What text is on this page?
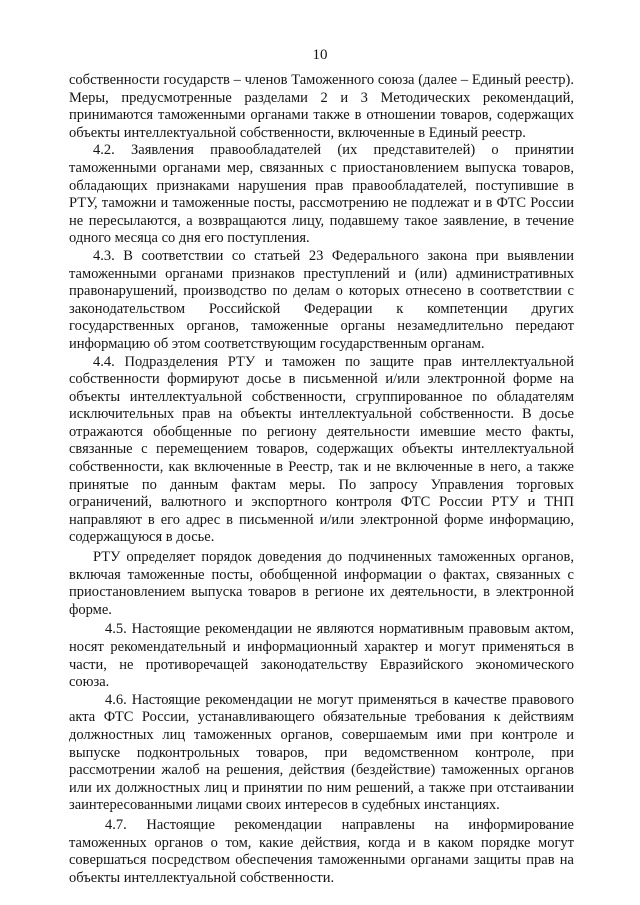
10

собственности государств – членов Таможенного союза (далее – Единый реестр). Меры, предусмотренные разделами 2 и 3 Методических рекомендаций, принимаются таможенными органами также в отношении товаров, содержащих объекты интеллектуальной собственности, включенные в Единый реестр.

4.2. Заявления правообладателей (их представителей) о принятии таможенными органами мер, связанных с приостановлением выпуска товаров, обладающих признаками нарушения прав правообладателей, поступившие в РТУ, таможни и таможенные посты, рассмотрению не подлежат и в ФТС России не пересылаются, а возвращаются лицу, подавшему такое заявление, в течение одного месяца со дня его поступления.

4.3. В соответствии со статьей 23 Федерального закона при выявлении таможенными органами признаков преступлений и (или) административных правонарушений, производство по делам о которых отнесено в соответствии с законодательством Российской Федерации к компетенции других государственных органов, таможенные органы незамедлительно передают информацию об этом соответствующим государственным органам.

4.4. Подразделения РТУ и таможен по защите прав интеллектуальной собственности формируют досье в письменной и/или электронной форме на объекты интеллектуальной собственности, сгруппированное по обладателям исключительных прав на объекты интеллектуальной собственности. В досье отражаются обобщенные по региону деятельности имевшие место факты, связанные с перемещением товаров, содержащих объекты интеллектуальной собственности, как включенные в Реестр, так и не включенные в него, а также принятые по данным фактам меры. По запросу Управления торговых ограничений, валютного и экспортного контроля ФТС России РТУ и ТНП направляют в его адрес в письменной и/или электронной форме информацию, содержащуюся в досье.

РТУ определяет порядок доведения до подчиненных таможенных органов, включая таможенные посты, обобщенной информации о фактах, связанных с приостановлением выпуска товаров в регионе их деятельности, в электронной форме.

4.5. Настоящие рекомендации не являются нормативным правовым актом, носят рекомендательный и информационный характер и могут применяться в части, не противоречащей законодательству Евразийского экономического союза.

4.6. Настоящие рекомендации не могут применяться в качестве правового акта ФТС России, устанавливающего обязательные требования к действиям должностных лиц таможенных органов, совершаемым ими при контроле и выпуске подконтрольных товаров, при ведомственном контроле, при рассмотрении жалоб на решения, действия (бездействие) таможенных органов или их должностных лиц и принятии по ним решений, а также при отстаивании заинтересованными лицами своих интересов в судебных инстанциях.

4.7. Настоящие рекомендации направлены на информирование таможенных органов о том, какие действия, когда и в каком порядке могут совершаться посредством обеспечения таможенными органами защиты прав на объекты интеллектуальной собственности.
